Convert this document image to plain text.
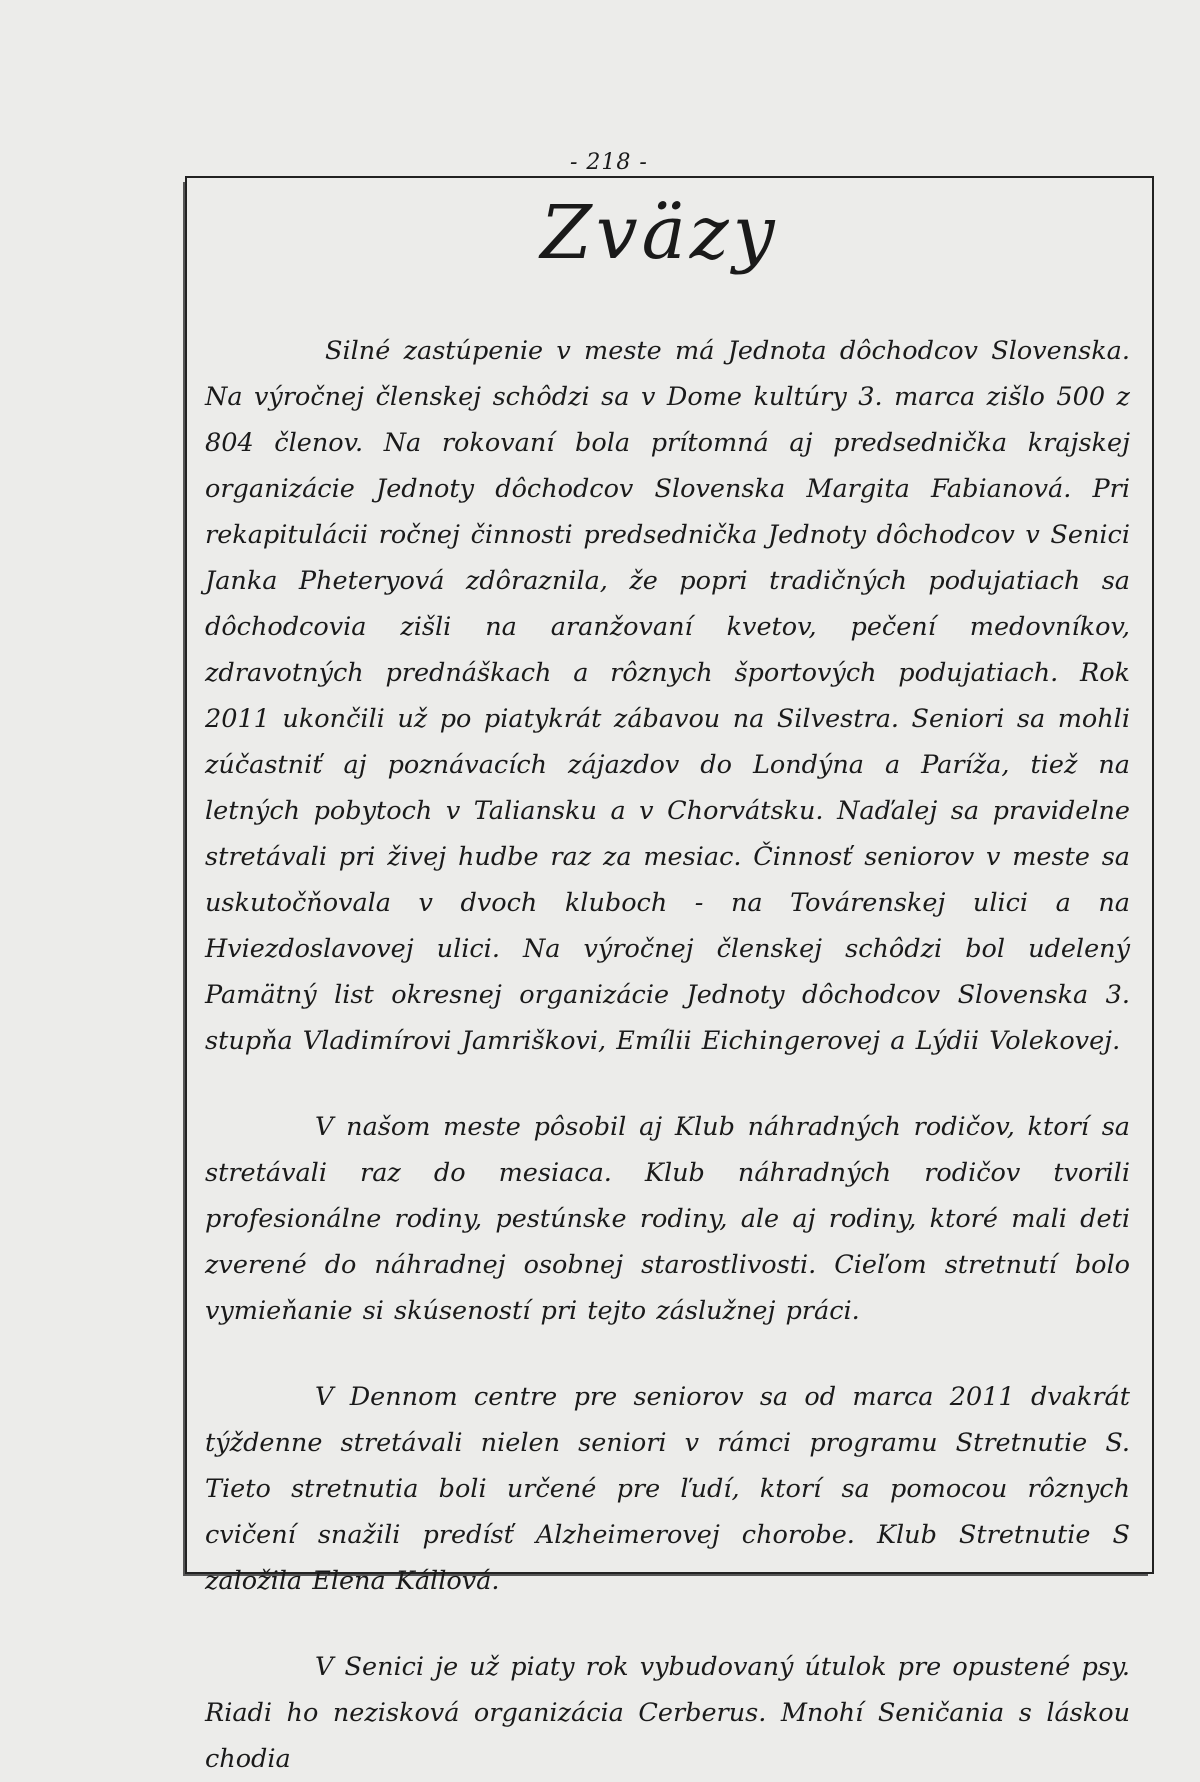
- 218 -
Zväzy

Silné zastúpenie v meste má Jednota dôchodcov Slovenska. Na výročnej členskej schôdzi sa v Dome kultúry 3. marca zišlo 500 z 804 členov. Na rokovaní bola prítomná aj predsednička krajskej organizácie Jednoty dôchodcov Slovenska Margita Fabianová. Pri rekapitulácii ročnej činnosti predsednička Jednoty dôchodcov v Senici Janka Pheteryová zdôraznila, že popri tradičných podujatiach sa dôchodcovia zišli na aranžovaní kvetov, pečení medovníkov, zdravotných prednáškach a rôznych športových podujatiach. Rok 2011 ukončili už po piatykrát zábavou na Silvestra. Seniori sa mohli zúčastniť aj poznávacích zájazdov do Londýna a Paríža, tiež na letných pobytoch v Taliansku a v Chorvátsku. Naďalej sa pravidelne stretávali pri živej hudbe raz za mesiac. Činnosť seniorov v meste sa uskutočňovala v dvoch kluboch - na Továrenskej ulici a na Hviezdoslavovej ulici. Na výročnej členskej schôdzi bol udelený Pamätný list okresnej organizácie Jednoty dôchodcov Slovenska 3. stupňa Vladimírovi Jamriškovi, Emílii Eichingerovej a Lýdii Volekovej.

V našom meste pôsobil aj Klub náhradných rodičov, ktorí sa stretávali raz do mesiaca. Klub náhradných rodičov tvorili profesionálne rodiny, pestúnske rodiny, ale aj rodiny, ktoré mali deti zverené do náhradnej osobnej starostlivosti. Cieľom stretnutí bolo vymieňanie si skúseností pri tejto záslužnej práci.

V Dennom centre pre seniorov sa od marca 2011 dvakrát týždenne stretávali nielen seniori v rámci programu Stretnutie S. Tieto stretnutia boli určené pre ľudí, ktorí sa pomocou rôznych cvičení snažili predísť Alzheimerovej chorobe. Klub Stretnutie S založila Elena Kállová.

V Senici je už piaty rok vybudovaný útulok pre opustené psy. Riadi ho nezisková organizácia Cerberus. Mnohí Seničania s láskou chodia
